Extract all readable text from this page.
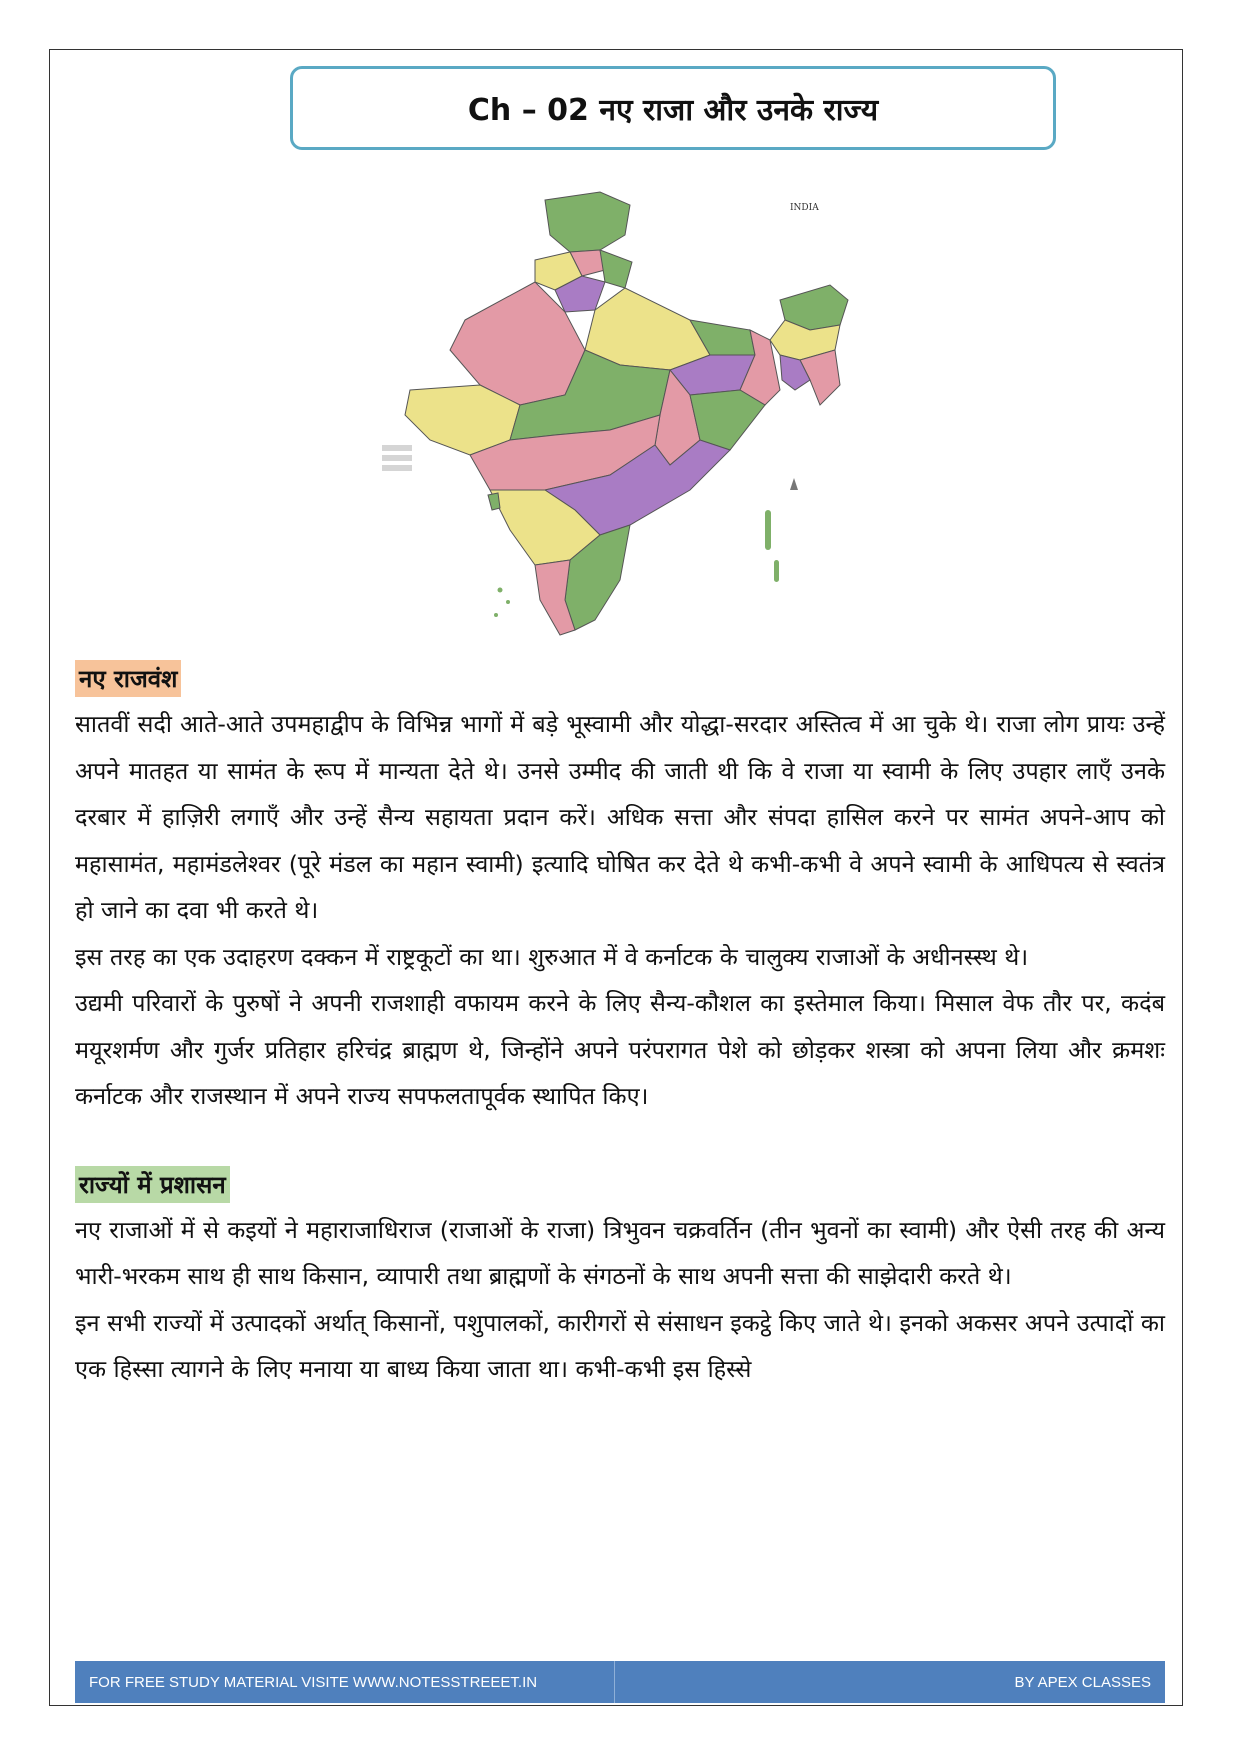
Ch – 02 नए राजा और उनके राज्य
INDIA
नए राजवंश

सातवीं सदी आते-आते उपमहाद्वीप के विभिन्न भागों में बड़े भूस्वामी और योद्धा-सरदार अस्तित्व में आ चुके थे। राजा लोग प्रायः उन्हें अपने मातहत या सामंत के रूप में मान्यता देते थे। उनसे उम्मीद की जाती थी कि वे राजा या स्वामी के लिए उपहार लाएँ उनके दरबार में हाज़िरी लगाएँ और उन्हें सैन्य सहायता प्रदान करें। अधिक सत्ता और संपदा हासिल करने पर सामंत अपने-आप को महासामंत, महामंडलेश्वर (पूरे मंडल का महान स्वामी) इत्यादि घोषित कर देते थे कभी-कभी वे अपने स्वामी के आधिपत्य से स्वतंत्र हो जाने का दवा भी करते थे।

इस तरह का एक उदाहरण दक्कन में राष्ट्रकूटों का था। शुरुआत में वे कर्नाटक के चालुक्य राजाओं के अधीनस्स्थ थे।

उद्यमी परिवारों के पुरुषों ने अपनी राजशाही वफायम करने के लिए सैन्य-कौशल का इस्तेमाल किया। मिसाल वेफ तौर पर, कदंब मयूरशर्मण और गुर्जर प्रतिहार हरिचंद्र ब्राह्मण थे, जिन्होंने अपने परंपरागत पेशे को छोड़कर शस्त्रा को अपना लिया और क्रमशः कर्नाटक और राजस्थान में अपने राज्य सपफलतापूर्वक स्थापित किए।

राज्यों में प्रशासन

नए राजाओं में से कइयों ने महाराजाधिराज (राजाओं के राजा) त्रिभुवन चक्रवर्तिन (तीन भुवनों का स्वामी) और ऐसी तरह की अन्य भारी-भरकम साथ ही साथ किसान, व्यापारी तथा ब्राह्मणों के संगठनों के साथ अपनी सत्ता की साझेदारी करते थे।

इन सभी राज्यों में उत्पादकों अर्थात् किसानों, पशुपालकों, कारीगरों से संसाधन इकट्ठे किए जाते थे। इनको अकसर अपने उत्पादों का एक हिस्सा त्यागने के लिए मनाया या बाध्य किया जाता था। कभी-कभी इस हिस्से

FOR FREE STUDY MATERIAL VISITE WWW.NOTESSTREEET.IN	BY APEX CLASSES
